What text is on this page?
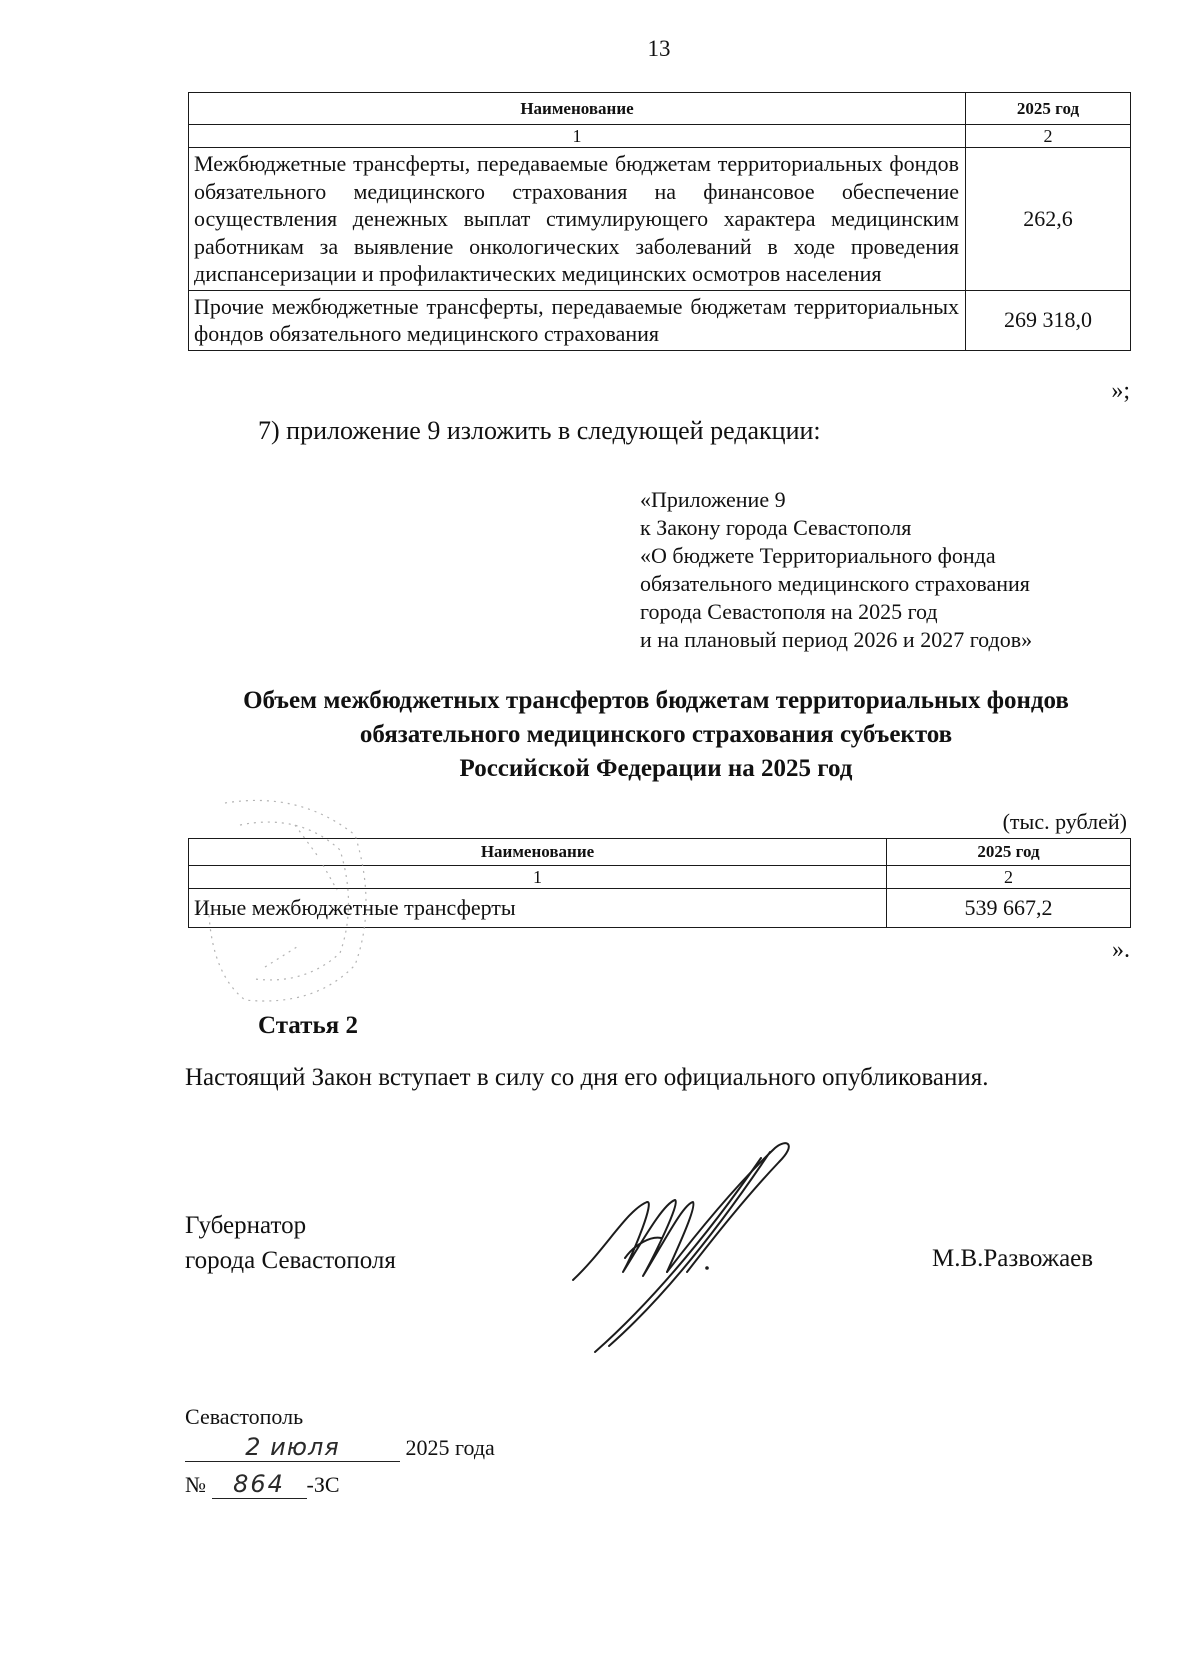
13
Наименование	2025 год
1	2
Межбюджетные трансферты, передаваемые бюджетам территориальных фондов обязательного медицинского страхования на финансовое обеспечение осуществления денежных выплат стимулирующего характера медицинским работникам за выявление онкологических заболеваний в ходе проведения диспансеризации и профилактических медицинских осмотров населения	262,6
Прочие межбюджетные трансферты, передаваемые бюджетам территориальных фондов обязательного медицинского страхования	269 318,0
»;
7) приложение 9 изложить в следующей редакции:
«Приложение 9
к Закону города Севастополя
«О бюджете Территориального фонда
обязательного медицинского страхования
города Севастополя на 2025 год
и на плановый период 2026 и 2027 годов»
Объем межбюджетных трансфертов бюджетам территориальных фондов
обязательного медицинского страхования субъектов
Российской Федерации на 2025 год
(тыс. рублей)
Наименование	2025 год
1	2
Иные межбюджетные трансферты	539 667,2
».
Статья 2
Настоящий Закон вступает в силу со дня его официального опубликования.
Губернатор
города Севастополя	М.В.Развожаев
Севастополь
2 июля	2025 года
№ 864 -ЗС
